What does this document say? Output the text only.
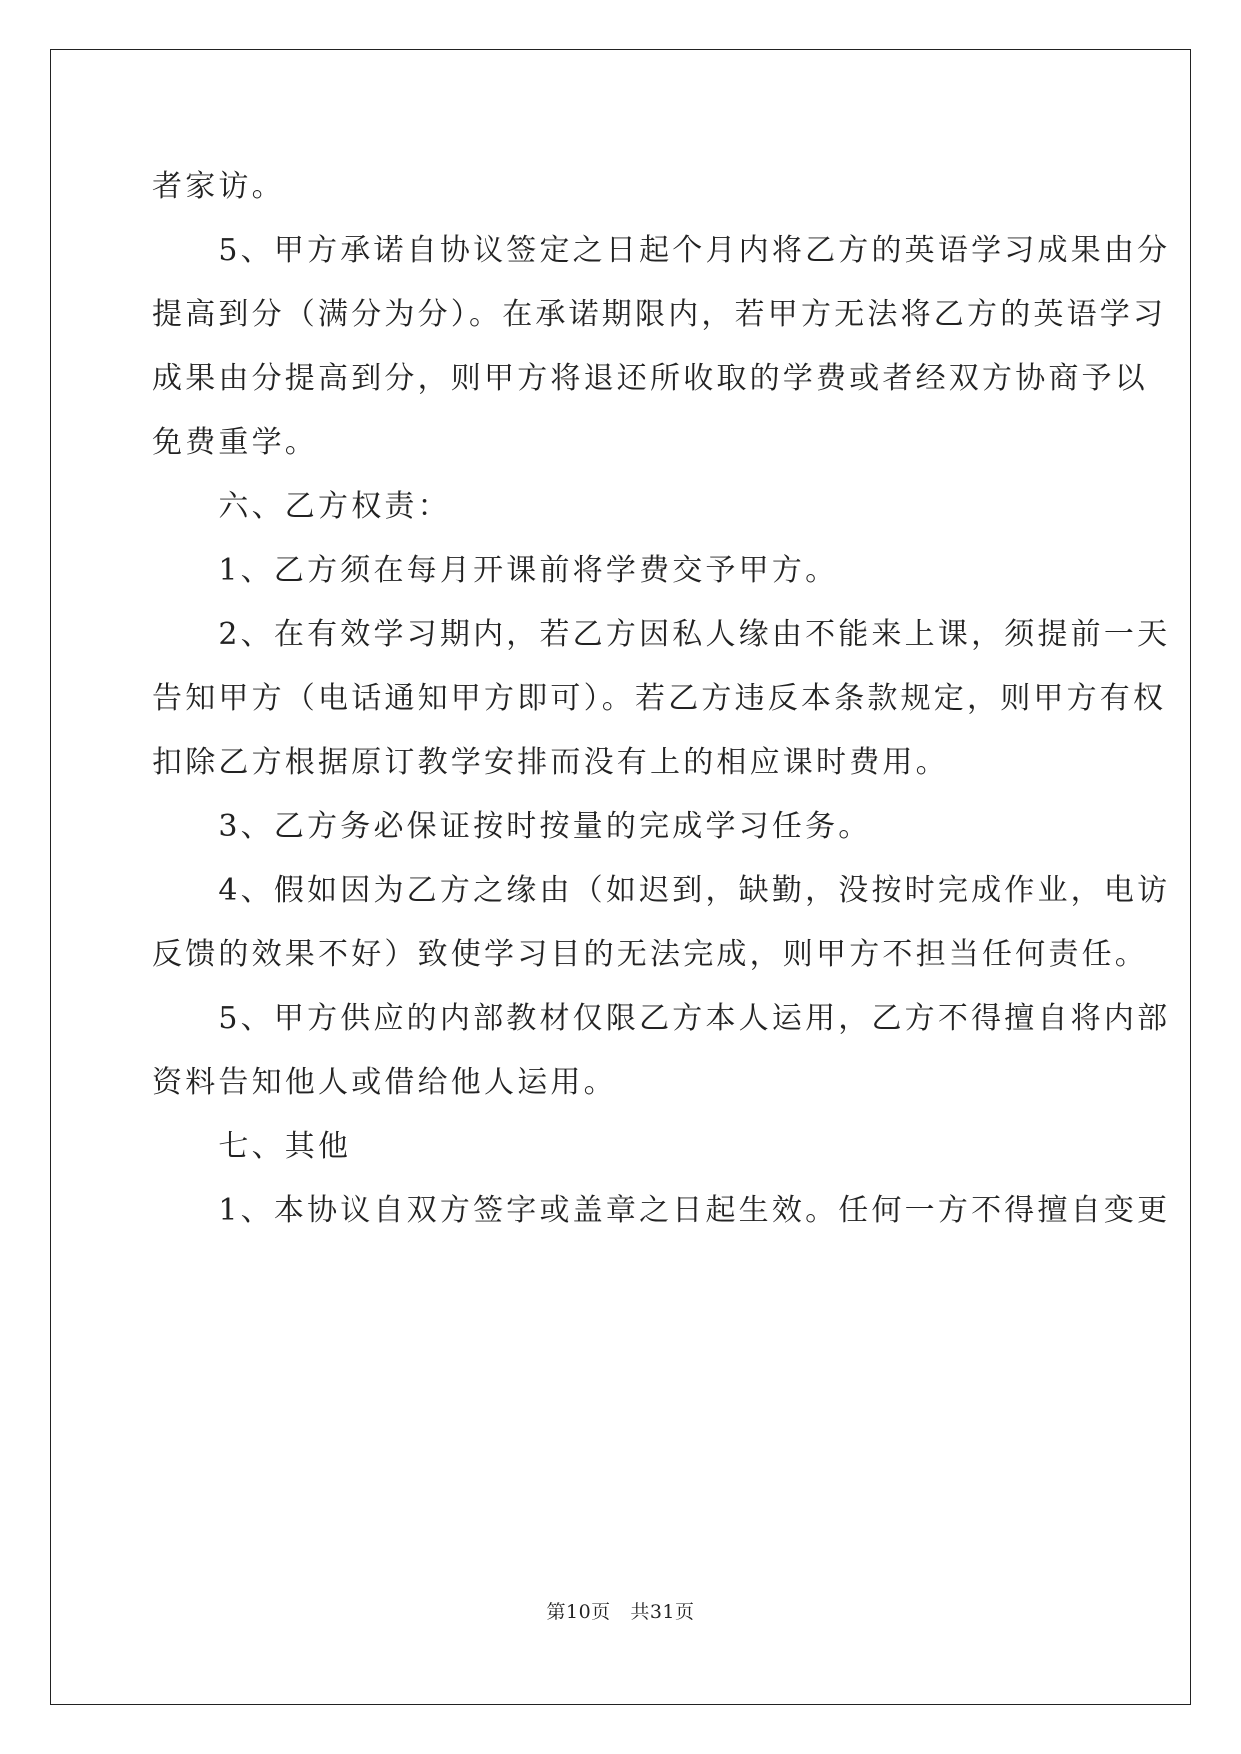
者家访。
　　5、甲方承诺自协议签定之日起个月内将乙方的英语学习成果由分
提高到分（满分为分）。在承诺期限内，若甲方无法将乙方的英语学习
成果由分提高到分，则甲方将退还所收取的学费或者经双方协商予以
免费重学。
　　六、乙方权责：
　　1、乙方须在每月开课前将学费交予甲方。
　　2、在有效学习期内，若乙方因私人缘由不能来上课，须提前一天
告知甲方（电话通知甲方即可）。若乙方违反本条款规定，则甲方有权
扣除乙方根据原订教学安排而没有上的相应课时费用。
　　3、乙方务必保证按时按量的完成学习任务。
　　4、假如因为乙方之缘由（如迟到，缺勤，没按时完成作业，电访
反馈的效果不好）致使学习目的无法完成，则甲方不担当任何责任。
　　5、甲方供应的内部教材仅限乙方本人运用，乙方不得擅自将内部
资料告知他人或借给他人运用。
　　七、其他
　　1、本协议自双方签字或盖章之日起生效。任何一方不得擅自变更
第10页 共31页
